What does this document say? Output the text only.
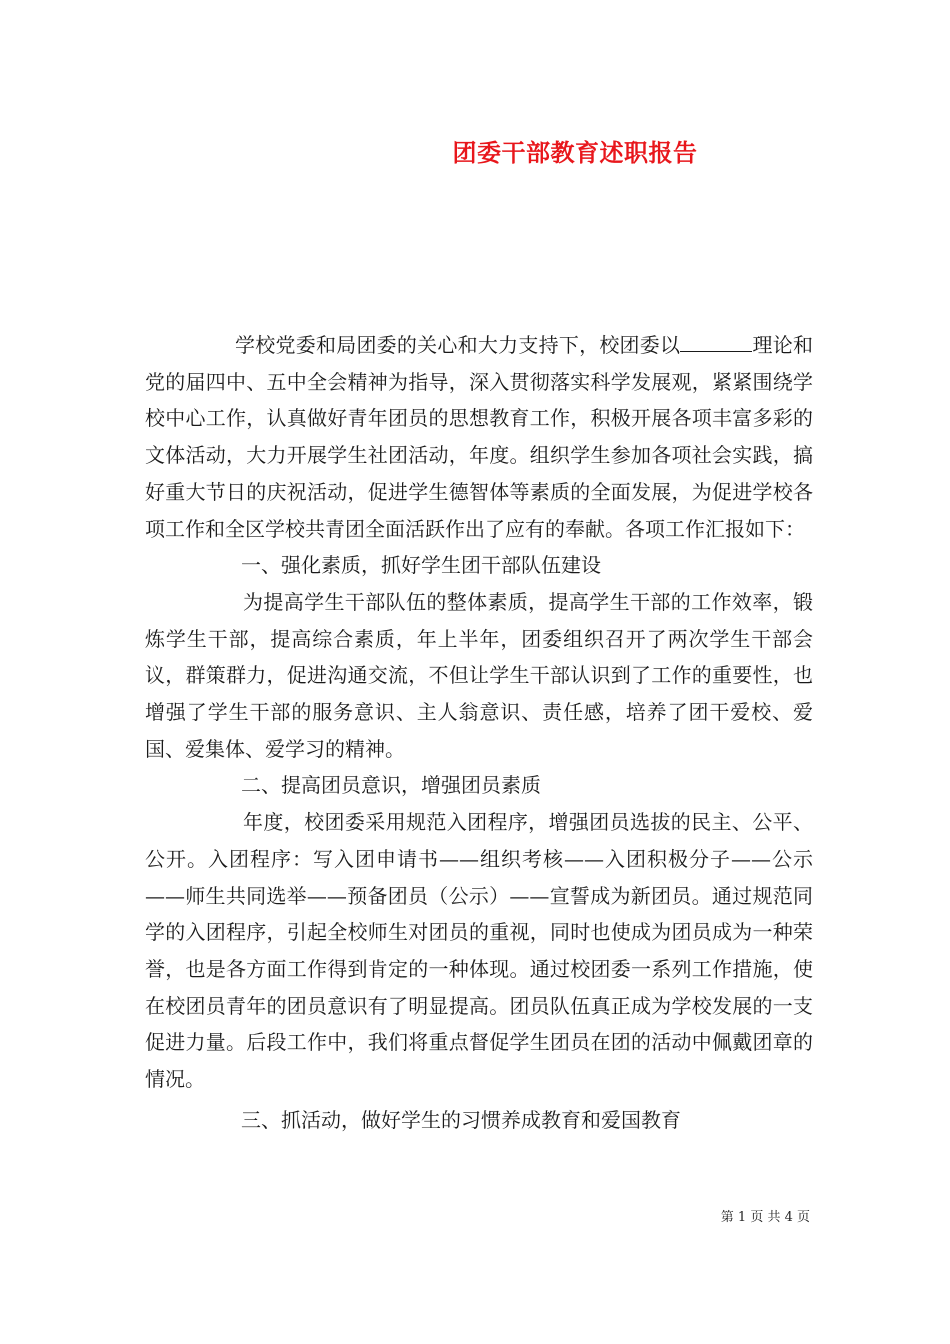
团委干部教育述职报告

学校党委和局团委的关心和大力支持下，校团委以	理论和党的届四中、五中全会精神为指导，深入贯彻落实科学发展观，紧紧围绕学校中心工作，认真做好青年团员的思想教育工作，积极开展各项丰富多彩的文体活动，大力开展学生社团活动，年度。组织学生参加各项社会实践，搞好重大节日的庆祝活动，促进学生德智体等素质的全面发展，为促进学校各项工作和全区学校共青团全面活跃作出了应有的奉献。各项工作汇报如下：

一、强化素质，抓好学生团干部队伍建设

为提高学生干部队伍的整体素质，提高学生干部的工作效率，锻炼学生干部，提高综合素质，年上半年，团委组织召开了两次学生干部会议，群策群力，促进沟通交流，不但让学生干部认识到了工作的重要性，也增强了学生干部的服务意识、主人翁意识、责任感，培养了团干爱校、爱国、爱集体、爱学习的精神。

二、提高团员意识，增强团员素质

年度，校团委采用规范入团程序，增强团员选拔的民主、公平、公开。入团程序：写入团申请书——组织考核——入团积极分子——公示——师生共同选举——预备团员（公示）——宣誓成为新团员。通过规范同学的入团程序，引起全校师生对团员的重视，同时也使成为团员成为一种荣誉，也是各方面工作得到肯定的一种体现。通过校团委一系列工作措施，使在校团员青年的团员意识有了明显提高。团员队伍真正成为学校发展的一支促进力量。后段工作中，我们将重点督促学生团员在团的活动中佩戴团章的情况。

三、抓活动，做好学生的习惯养成教育和爱国教育

第 1 页 共 4 页
